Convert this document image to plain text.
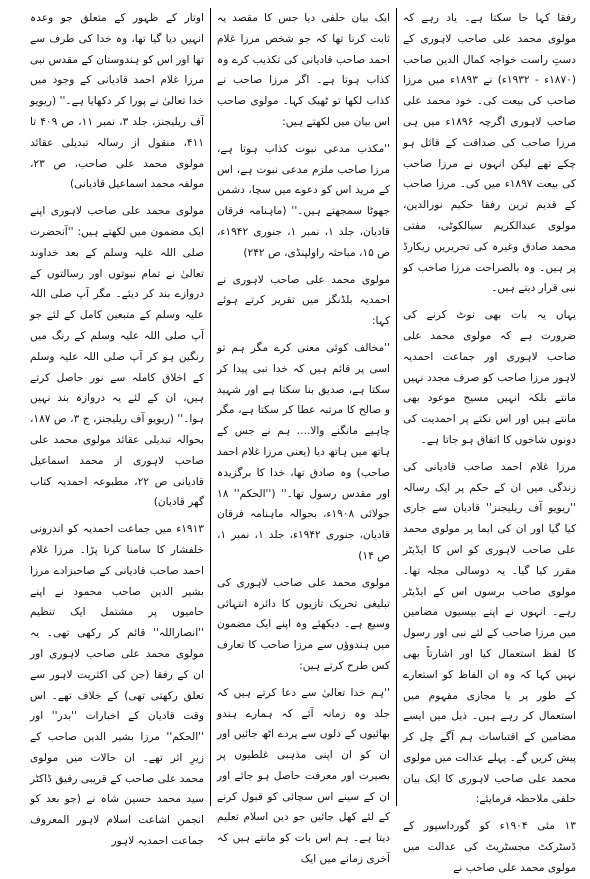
رفقا کہا جا سکتا ہے۔ یاد رہے کہ مولوی محمد علی صاحب لاہوری کے دستِ راست خواجہ کمال الدین صاحب (۱۸۷۰ء - ۱۹۳۲ء) نے ۱۸۹۳ء میں مرزا صاحب کی بیعت کی۔ خود محمد علی صاحب لاہوری اگرچہ ۱۸۹۶ء میں ہی مرزا صاحب کی صداقت کے قائل ہو چکے تھے لیکن انہوں نے مرزا صاحب کی بیعت ۱۸۹۷ء میں کی۔ مرزا صاحب کے قدیم ترین رفقا حکیم نورالدین، مولوی عبدالکریم سیالکوٹی، مفتی محمد صادق وغیرہ کی تحریریں ریکارڈ پر ہیں۔ وہ بالصراحت مرزا صاحب کو نبی قرار دیتے ہیں۔

یہاں یہ بات بھی نوٹ کرنے کی ضرورت ہے کہ مولوی محمد علی صاحب لاہوری اور جماعت احمدیہ لاہور مرزا صاحب کو صرف مجدد نہیں مانتے بلکہ انہیں مسیح موعود بھی مانتے ہیں اور اس نکتے پر احمدیت کی دونوں شاخوں کا اتفاق ہو جاتا ہے۔

مرزا غلام احمد صاحب قادیانی کی زندگی میں ان کے حکم پر ایک رسالہ ''ریویو آف ریلیجنز'' قادیان سے جاری کیا گیا اور ان کی ایما پر مولوی محمد علی صاحب لاہوری کو اس کا ایڈیٹر مقرر کیا گیا۔ یہ دوسالی مجلہ تھا۔ مولوی صاحب برسوں اس کے ایڈیٹر رہے۔ انہوں نے اپنے بیسیوں مضامین میں مرزا صاحب کے لئے نبی اور رسول کا لفظ استعمال کیا اور اشارتاً بھی نہیں کہا کہ وہ ان الفاظ کو استعارے کے طور پر یا مجازی مفہوم میں استعمال کر رہے ہیں۔ ذیل میں ایسے مضامین کے اقتباسات ہم آگے چل کر پیش کریں گے۔ پہلے عدالت میں مولوی محمد علی صاحب لاہوری کا ایک بیان حلفی ملاحظہ فرمایئے:

۱۳ مئی ۱۹۰۴ء کو گورداسپور کے ڈسٹرکٹ مجسٹریٹ کی عدالت میں مولوی محمد علی صاحب نے

ایک بیان حلفی دیا جس کا مقصد یہ ثابت کرنا تھا کہ جو شخص مرزا غلام احمد صاحب قادیانی کی تکذیب کرے وہ کذاب ہوتا ہے۔ اگر مرزا صاحب نے کذاب لکھا تو ٹھیک کہا۔ مولوی صاحب اس بیان میں لکھتے ہیں:

''مکذب مدعی نبوت کذاب ہوتا ہے، مرزا صاحب ملزم مدعی نبوت ہے، اس کے مرید اس کو دعوے میں سچا، دشمن جھوٹا سمجھتے ہیں۔'' (ماہنامہ فرقان قادیان، جلد ۱، نمبر ۱، جنوری ۱۹۴۲ء، ص ۱۵، مباحثہ راولپنڈی، ص ۲۴۲)

مولوی محمد علی صاحب لاہوری نے احمدیہ بلڈنگز میں تقریر کرتے ہوئے کہا:

''مخالف کوئی معنی کرے مگر ہم تو اسی پر قائم ہیں کہ خدا نبی پیدا کر سکتا ہے، صدیق بنا سکتا ہے اور شہید و صالح کا مرتبہ عطا کر سکتا ہے، مگر چاہیے مانگنے والا.... ہم نے جس کے ہاتھ میں ہاتھ دیا (یعنی مرزا غلام احمد صاحب) وہ صادق تھا، خدا کا برگزیدہ اور مقدس رسول تھا۔'' (''الحکم'' ۱۸ جولائی ۱۹۰۸ء، بحوالہ ماہنامہ فرقان قادیان، جنوری ۱۹۴۲ء، جلد ۱، نمبر ۱، ص ۱۴)

مولوی محمد علی صاحب لاہوری کی تبلیغی تحریک تازیوں کا دائرہ انتہائی وسیع ہے۔ دیکھئے وہ اپنے ایک مضمون میں ہندوؤں سے مرزا صاحب کا تعارف کس طرح کرتے ہیں:

''ہم خدا تعالیٰ سے دعا کرتے ہیں کہ جلد وہ زمانہ آئے کہ ہمارے ہندو بھائیوں کے دلوں سے پردے اٹھ جائیں اور ان کو ان اپنی مذہبی غلطیوں پر بصیرت اور معرفت حاصل ہو جائے اور ان کے سینے اس سچائی کو قبول کرنے کے لئے کھل جائیں جو دین اسلام تعلیم دیتا ہے۔ ہم اس بات کو مانتے ہیں کہ آخری زمانے میں ایک

اوتار کے ظہور کے متعلق جو وعدہ انہیں دیا گیا تھا، وہ خدا کی طرف سے تھا اور اس کو ہندوستان کے مقدس نبی مرزا غلام احمد قادیانی کے وجود میں خدا تعالیٰ نے پورا کر دکھایا ہے۔'' (ریویو آف ریلیجنز، جلد ۳، نمبر ۱۱، ص ۴۰۹ تا ۴۱۱، منقول از رسالہ تبدیلی عقائد مولوی محمد علی صاحب، ص ۲۳، مولفہ محمد اسماعیل قادیانی)

مولوی محمد علی صاحب لاہوری اپنے ایک مضمون میں لکھتے ہیں: ''آنحضرت صلی اللہ علیہ وسلم کے بعد خداوند تعالیٰ نے تمام نبوتوں اور رسالتوں کے دروازے بند کر دیئے۔ مگر آپ صلی اللہ علیہ وسلم کے متبعین کامل کے لئے جو آپ صلی اللہ علیہ وسلم کے رنگ میں رنگین ہو کر آپ صلی اللہ علیہ وسلم کے اخلاق کاملہ سے نور حاصل کرتے ہیں، ان کے لئے یہ دروازہ بند نہیں ہوا۔'' (ریویو آف ریلیجنز، ج ۳، ص ۱۸۷، بحوالہ تبدیلی عقائد مولوی محمد علی صاحب لاہوری از محمد اسماعیل قادیانی ص ۲۲، مطبوعہ احمدیہ کتاب گھر قادیان)

۱۹۱۳ء میں جماعت احمدیہ کو اندرونی خلفشار کا سامنا کرنا پڑا۔ مرزا غلام احمد صاحب قادیانی کے صاحبزادے مرزا بشیر الدین صاحب محمود نے اپنے حامیوں پر مشتمل ایک تنظیم ''انصاراللہ'' قائم کر رکھی تھی۔ یہ مولوی محمد علی صاحب لاہوری اور ان کے رفقا (جن کی اکثریت لاہور سے تعلق رکھتی تھی) کے خلاف تھے۔ اس وقت قادیان کے اخبارات ''بدر'' اور ''الحکم'' مرزا بشیر الدین صاحب کے زیرِ اثر تھے۔ ان حالات میں مولوی محمد علی صاحب کے قریبی رفیق ڈاکٹر سید محمد حسین شاہ نے (جو بعد کو انجمن اشاعت اسلام لاہور المعروف جماعت احمدیہ لاہور
